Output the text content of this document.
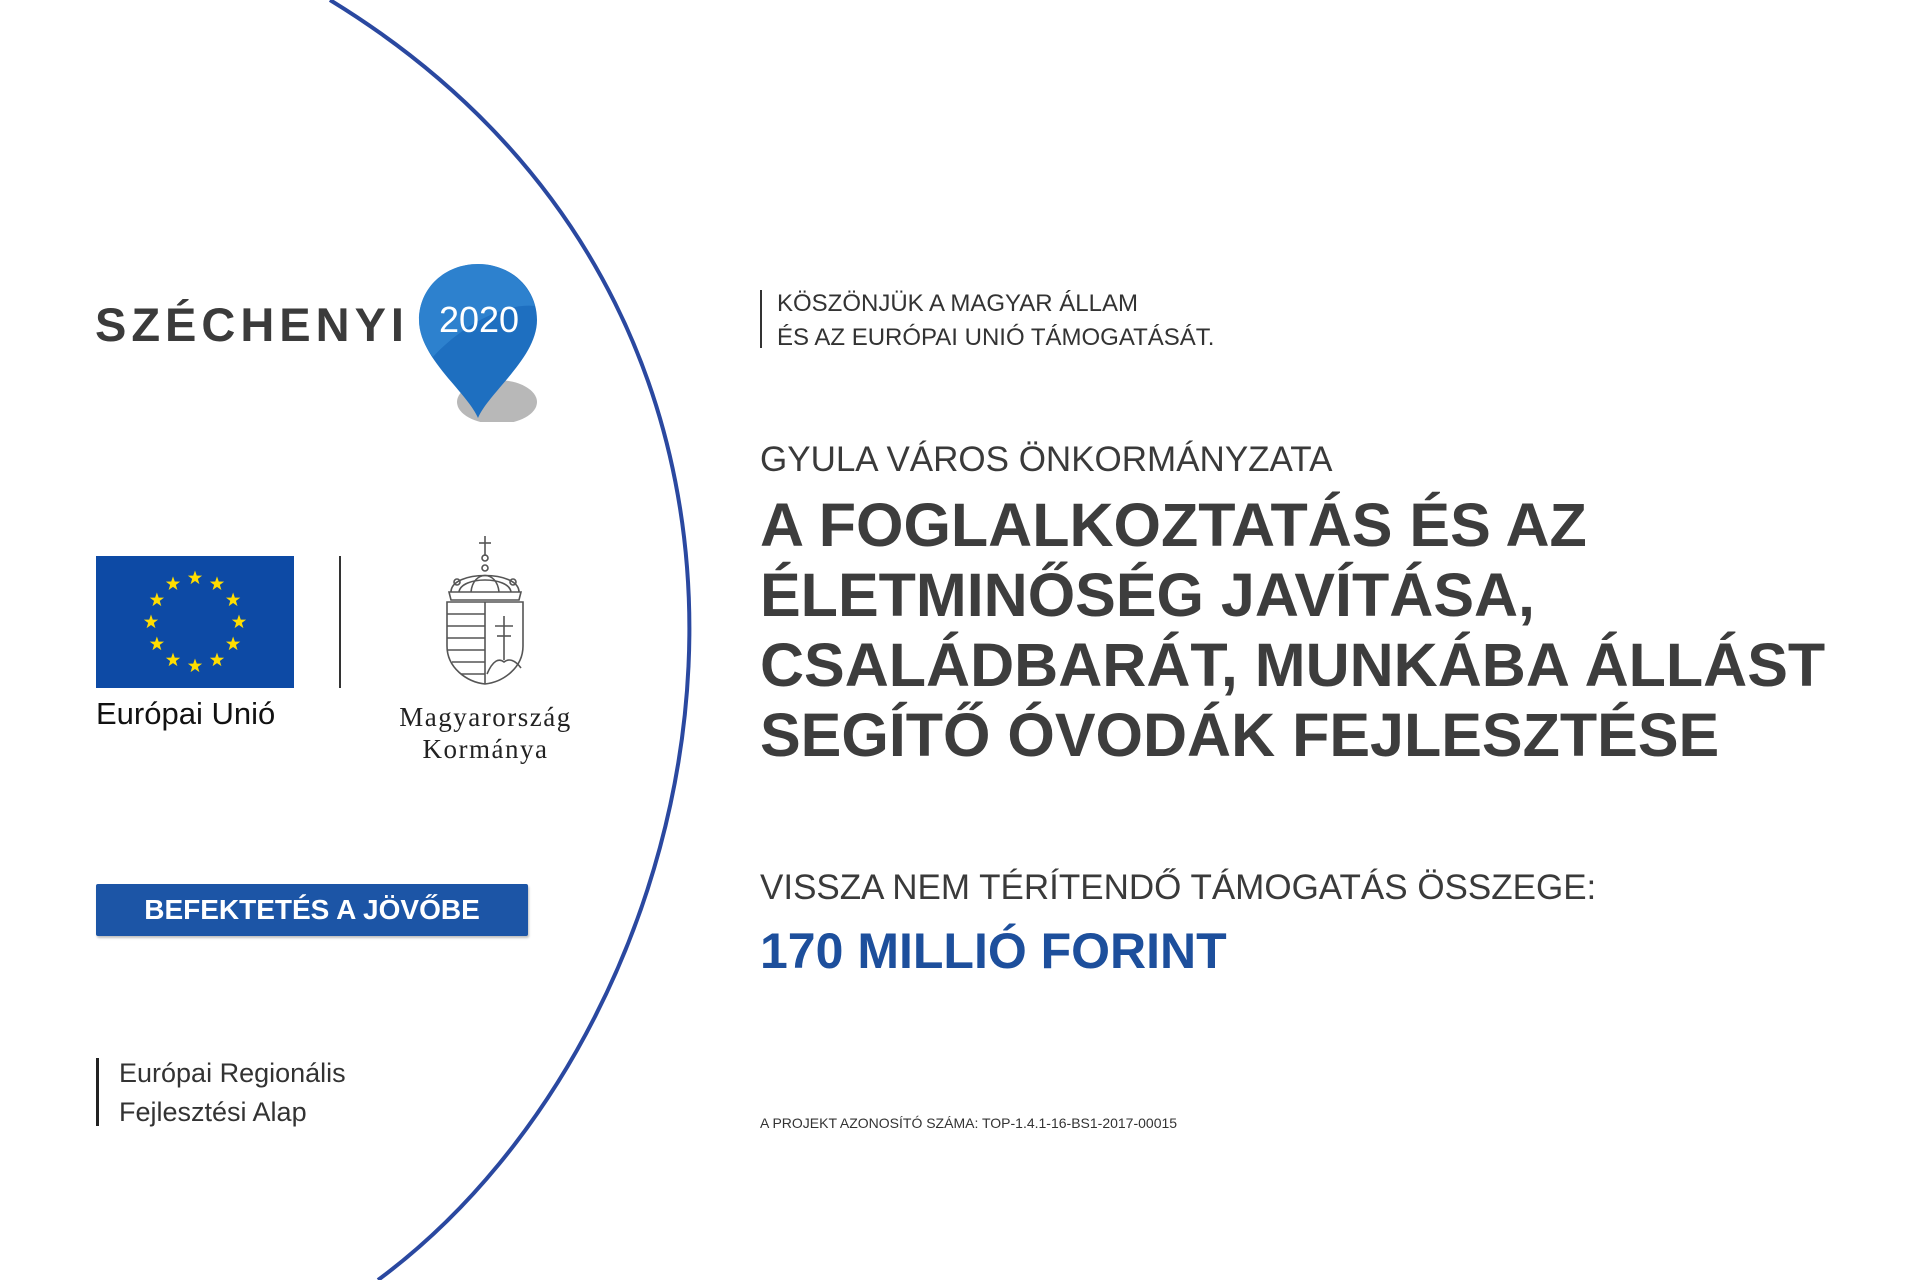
SZÉCHENYI 2020
Európai Unió	Magyarország
Kormánya
BEFEKTETÉS A JÖVŐBE
Európai Regionális
Fejlesztési Alap
KÖSZÖNJÜK A MAGYAR ÁLLAM
ÉS AZ EURÓPAI UNIÓ TÁMOGATÁSÁT.
GYULA VÁROS ÖNKORMÁNYZATA
A FOGLALKOZTATÁS ÉS AZ
ÉLETMINŐSÉG JAVÍTÁSA,
CSALÁDBARÁT, MUNKÁBA ÁLLÁST
SEGÍTŐ ÓVODÁK FEJLESZTÉSE
VISSZA NEM TÉRÍTENDŐ TÁMOGATÁS ÖSSZEGE:
170 MILLIÓ FORINT
A PROJEKT AZONOSÍTÓ SZÁMA: TOP-1.4.1-16-BS1-2017-00015
